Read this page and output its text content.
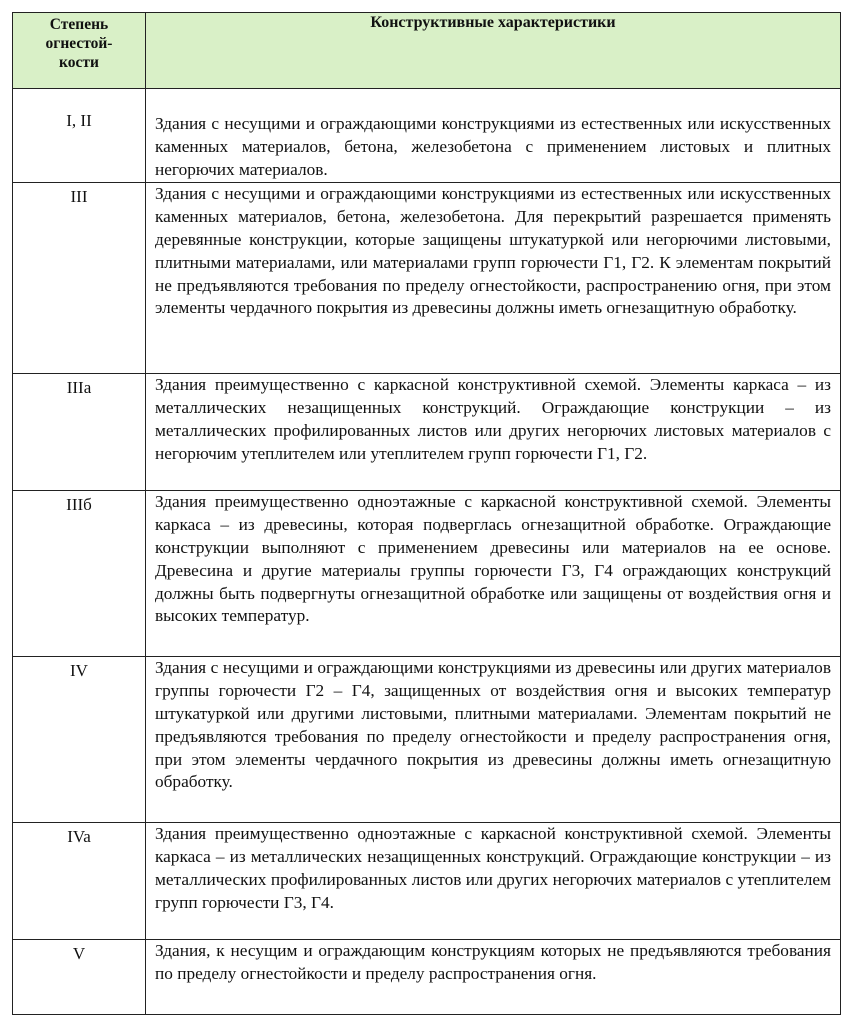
Степень
огнестой-
кости	Конструктивные характеристики
I, II	Здания с несущими и ограждающими конструкциями из естественных или искусственных каменных материалов, бетона, железобетона с применением листовых и плитных негорючих материалов.
III	Здания с несущими и ограждающими конструкциями из естественных или искусственных каменных материалов, бетона, железобетона. Для перекрытий разрешается применять деревянные конструкции, которые защищены штукатуркой или негорючими листовыми, плитными материалами, или материалами групп горючести Г1, Г2. К элементам покрытий не предъявляются требования по пределу огнестойкости, распространению огня, при этом элементы чердачного покрытия из древесины должны иметь огнезащитную обработку.
IIIa	Здания преимущественно с каркасной конструктивной схемой. Элементы каркаса – из металлических незащищенных конструкций. Ограждающие конструкции – из металлических профилированных листов или других негорючих листовых материалов с негорючим утеплителем или утеплителем групп горючести Г1, Г2.
IIIб	Здания преимущественно одноэтажные с каркасной конструктивной схемой. Элементы каркаса – из древесины, которая подверглась огнезащитной обработке. Ограждающие конструкции выполняют с применением древесины или материалов на ее основе. Древесина и другие материалы группы горючести Г3, Г4 ограждающих конструкций должны быть подвергнуты огнезащитной обработке или защищены от воздействия огня и высоких температур.
IV	Здания с несущими и ограждающими конструкциями из древесины или других материалов группы горючести Г2 – Г4, защищенных от воздействия огня и высоких температур штукатуркой или другими листовыми, плитными материалами. Элементам покрытий не предъявляются требования по пределу огнестойкости и пределу распространения огня, при этом элементы чердачного покрытия из древесины должны иметь огнезащитную обработку.
IVa	Здания преимущественно одноэтажные с каркасной конструктивной схемой. Элементы каркаса – из металлических незащищенных конструкций. Ограждающие конструкции – из металлических профилированных листов или других негорючих материалов с утеплителем групп горючести Г3, Г4.
V	Здания, к несущим и ограждающим конструкциям которых не предъявляются требования по пределу огнестойкости и пределу распространения огня.
